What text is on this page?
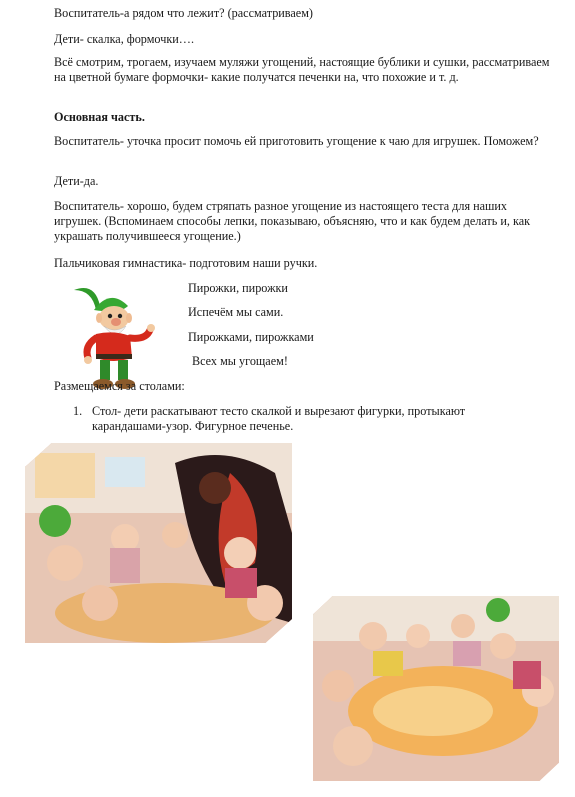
Воспитатель-а рядом что лежит? (рассматриваем)

Дети- скалка, формочки….

Всё смотрим, трогаем, изучаем муляжи угощений, настоящие бублики и сушки, рассматриваем на цветной бумаге формочки- какие получатся печенки на, что похожие и т. д.

Основная часть.

Воспитатель- уточка просит помочь ей приготовить угощение к чаю для игрушек. Поможем?

Дети-да.

Воспитатель- хорошо, будем стряпать разное угощение из настоящего теста для наших игрушек. (Вспоминаем способы лепки, показываю, объясняю, что и как будем делать и, как украшать получившееся угощение.)

Пальчиковая гимнастика- подготовим наши ручки.

Пирожки, пирожки

Испечём мы сами.

Пирожками, пирожками

Всех мы угощаем!

Размещаемся за столами:

1. Стол- дети раскатывают тесто скалкой и вырезают фигурки, протыкают карандашами-узор. Фигурное печенье.
